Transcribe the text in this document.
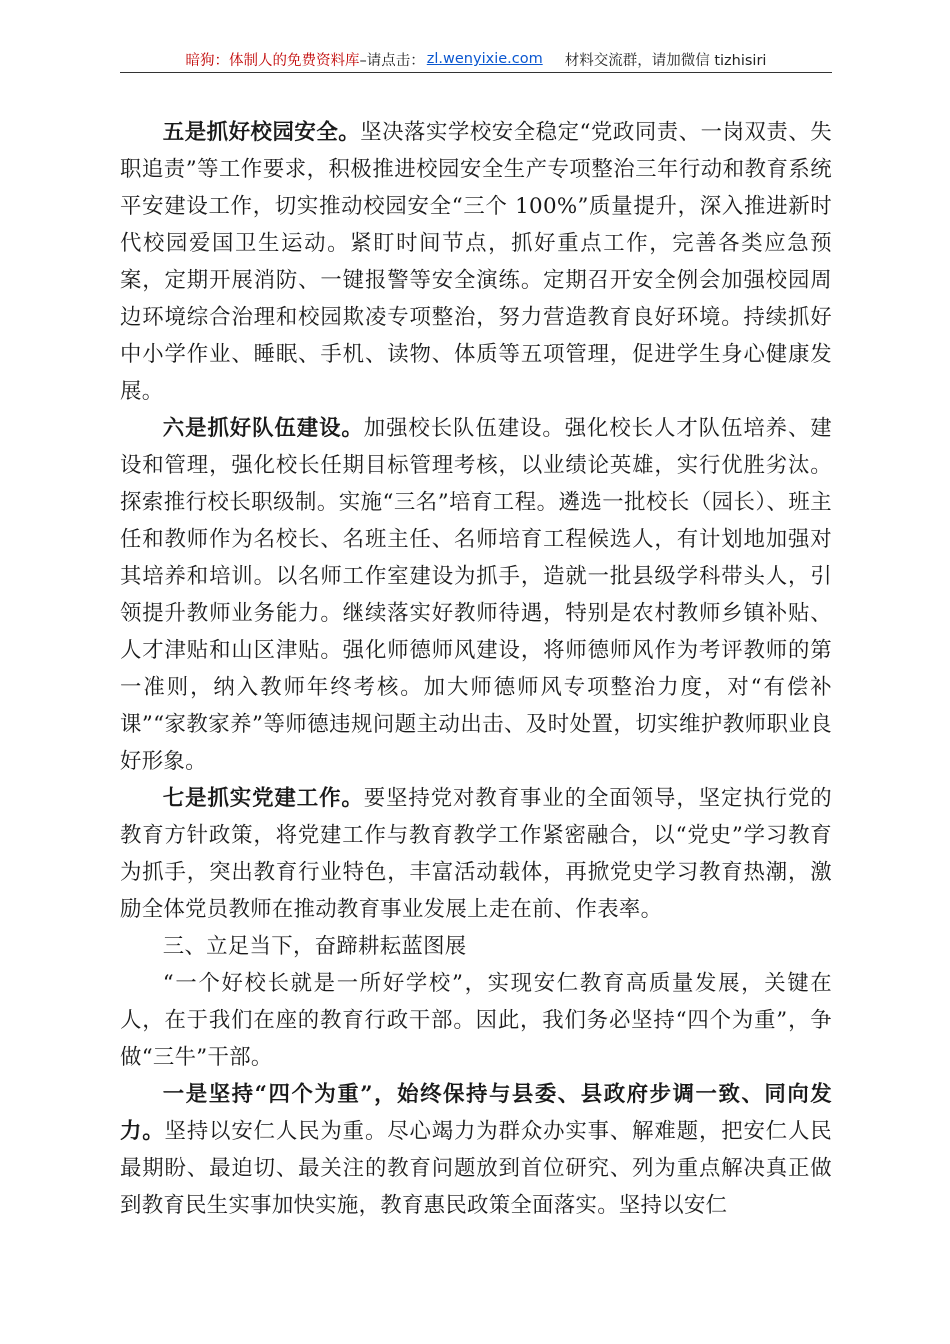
暗狗：体制人的免费资料库 –请点击： zl.wenyixie.com 材料交流群，请加微信 tizhisiri

五是抓好校园安全。坚决落实学校安全稳定“党政同责、一岗双责、失职追责”等工作要求，积极推进校园安全生产专项整治三年行动和教育系统平安建设工作，切实推动校园安全“三个 100%”质量提升，深入推进新时代校园爱国卫生运动。紧盯时间节点，抓好重点工作，完善各类应急预案，定期开展消防、一键报警等安全演练。定期召开安全例会加强校园周边环境综合治理和校园欺凌专项整治，努力营造教育良好环境。持续抓好中小学作业、睡眠、手机、读物、体质等五项管理，促进学生身心健康发展。

六是抓好队伍建设。加强校长队伍建设。强化校长人才队伍培养、建设和管理，强化校长任期目标管理考核，以业绩论英雄，实行优胜劣汰。探索推行校长职级制。实施“三名”培育工程。遴选一批校长（园长）、班主任和教师作为名校长、名班主任、名师培育工程候选人，有计划地加强对其培养和培训。以名师工作室建设为抓手，造就一批县级学科带头人，引领提升教师业务能力。继续落实好教师待遇，特别是农村教师乡镇补贴、人才津贴和山区津贴。强化师德师风建设，将师德师风作为考评教师的第一准则，纳入教师年终考核。加大师德师风专项整治力度，对“有偿补课”“家教家养”等师德违规问题主动出击、及时处置，切实维护教师职业良好形象。

七是抓实党建工作。要坚持党对教育事业的全面领导，坚定执行党的教育方针政策，将党建工作与教育教学工作紧密融合，以“党史”学习教育为抓手，突出教育行业特色，丰富活动载体，再掀党史学习教育热潮，激励全体党员教师在推动教育事业发展上走在前、作表率。

三、立足当下，奋蹄耕耘蓝图展

“一个好校长就是一所好学校”，实现安仁教育高质量发展，关键在人，在于我们在座的教育行政干部。因此，我们务必坚持“四个为重”，争做“三牛”干部。

一是坚持“四个为重”，始终保持与县委、县政府步调一致、同向发力。坚持以安仁人民为重。尽心竭力为群众办实事、解难题，把安仁人民最期盼、最迫切、最关注的教育问题放到首位研究、列为重点解决真正做到教育民生实事加快实施，教育惠民政策全面落实。坚持以安仁
